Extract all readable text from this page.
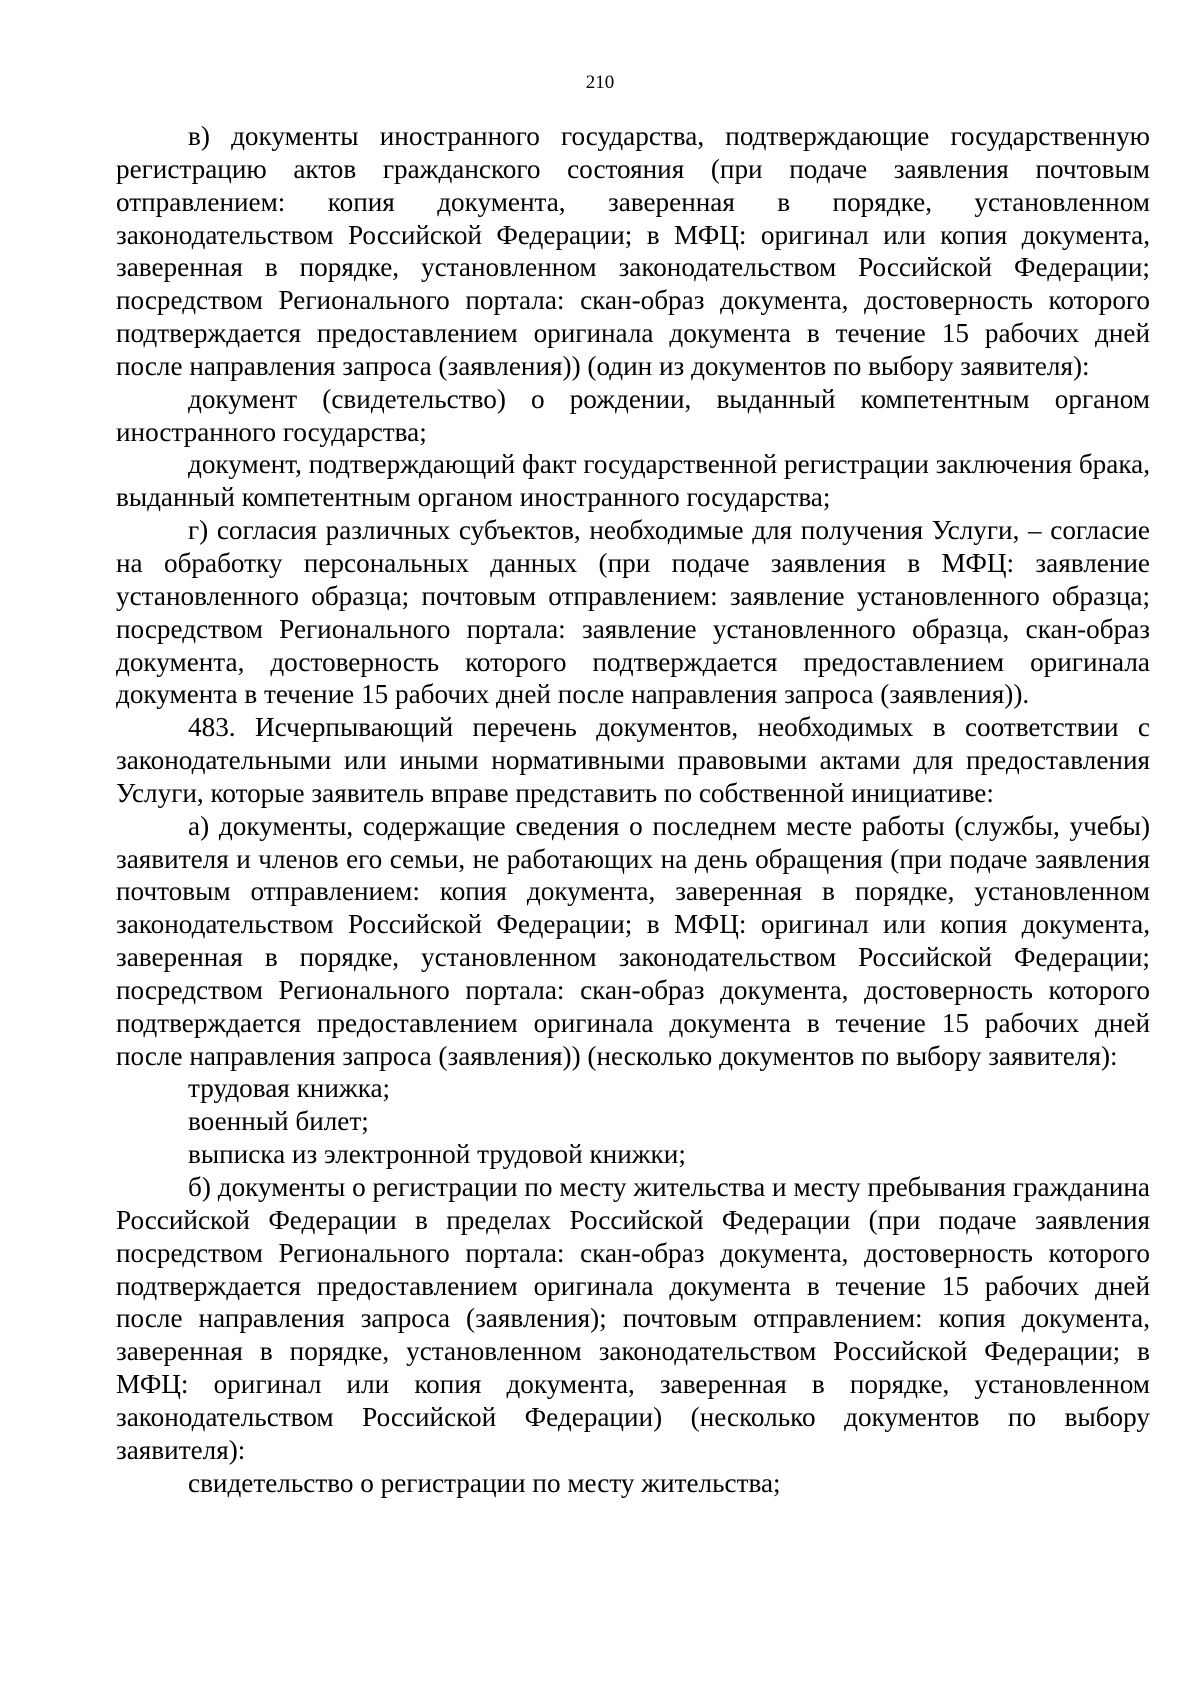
210

в) документы иностранного государства, подтверждающие государственную регистрацию актов гражданского состояния (при подаче заявления почтовым отправлением: копия документа, заверенная в порядке, установленном законодательством Российской Федерации; в МФЦ: оригинал или копия документа, заверенная в порядке, установленном законодательством Российской Федерации; посредством Регионального портала: скан-образ документа, достоверность которого подтверждается предоставлением оригинала документа в течение 15 рабочих дней после направления запроса (заявления)) (один из документов по выбору заявителя):

документ (свидетельство) о рождении, выданный компетентным органом иностранного государства;

документ, подтверждающий факт государственной регистрации заключения брака, выданный компетентным органом иностранного государства;

г) согласия различных субъектов, необходимые для получения Услуги, – согласие на обработку персональных данных (при подаче заявления в МФЦ: заявление установленного образца; почтовым отправлением: заявление установленного образца; посредством Регионального портала: заявление установленного образца, скан-образ документа, достоверность которого подтверждается предоставлением оригинала документа в течение 15 рабочих дней после направления запроса (заявления)).

483. Исчерпывающий перечень документов, необходимых в соответствии с законодательными или иными нормативными правовыми актами для предоставления Услуги, которые заявитель вправе представить по собственной инициативе:

а) документы, содержащие сведения о последнем месте работы (службы, учебы) заявителя и членов его семьи, не работающих на день обращения (при подаче заявления почтовым отправлением: копия документа, заверенная в порядке, установленном законодательством Российской Федерации; в МФЦ: оригинал или копия документа, заверенная в порядке, установленном законодательством Российской Федерации; посредством Регионального портала: скан-образ документа, достоверность которого подтверждается предоставлением оригинала документа в течение 15 рабочих дней после направления запроса (заявления)) (несколько документов по выбору заявителя):

трудовая книжка;

военный билет;

выписка из электронной трудовой книжки;

б) документы о регистрации по месту жительства и месту пребывания гражданина Российской Федерации в пределах Российской Федерации (при подаче заявления посредством Регионального портала: скан-образ документа, достоверность которого подтверждается предоставлением оригинала документа в течение 15 рабочих дней после направления запроса (заявления); почтовым отправлением: копия документа, заверенная в порядке, установленном законодательством Российской Федерации; в МФЦ: оригинал или копия документа, заверенная в порядке, установленном законодательством Российской Федерации) (несколько документов по выбору заявителя):

свидетельство о регистрации по месту жительства;
